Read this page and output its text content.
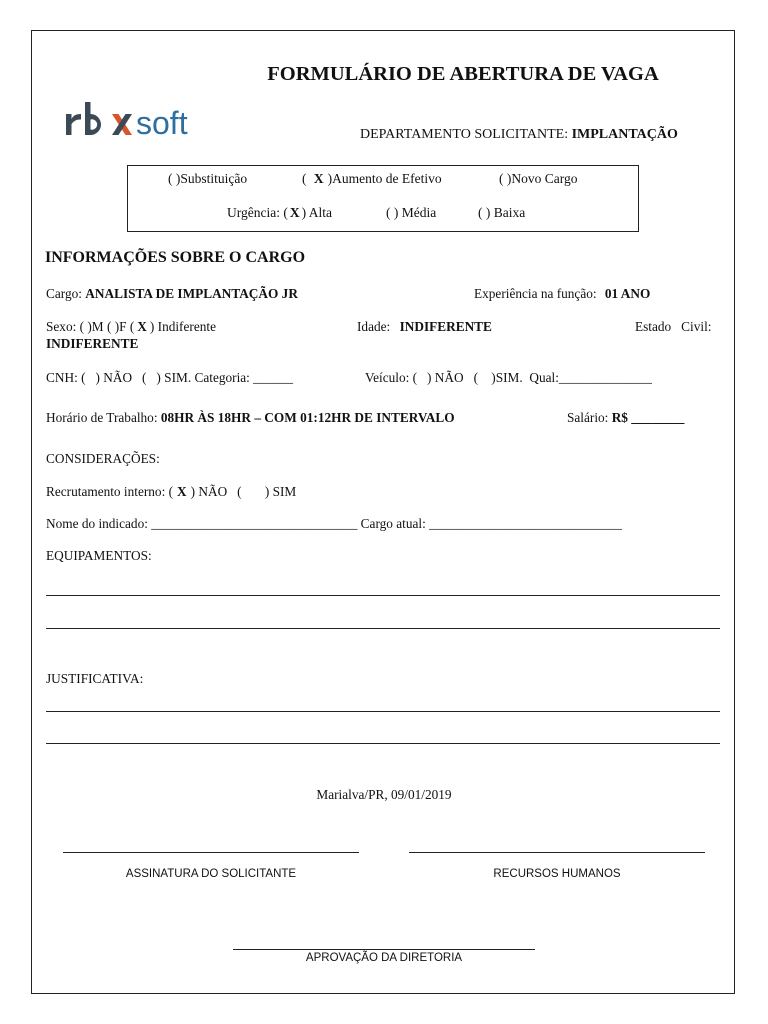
soft
FORMULÁRIO DE ABERTURA DE VAGA
DEPARTAMENTO SOLICITANTE: IMPLANTAÇÃO
( )Substituição	( X )Aumento de Efetivo	( )Novo Cargo
Urgência: ( X ) Alta	( ) Média	( ) Baixa
INFORMAÇÕES SOBRE O CARGO
Cargo: ANALISTA DE IMPLANTAÇÃO JR	Experiência na função: 01 ANO
Sexo: ( )M ( )F ( X ) Indiferente	Idade: INDIFERENTE	Estado   Civil:
INDIFERENTE
CNH: (   ) NÃO   (   ) SIM. Categoria: ______	Veículo: (   ) NÃO   (    )SIM.  Qual:______________
Horário de Trabalho: 08HR ÀS 18HR – COM 01:12HR DE INTERVALO	Salário: R$ ________
CONSIDERAÇÕES:
Recrutamento interno: ( X ) NÃO   (       ) SIM
Nome do indicado: _______________________________ Cargo atual: _____________________________
EQUIPAMENTOS:
JUSTIFICATIVA:
Marialva/PR, 09/01/2019
ASSINATURA DO SOLICITANTE	RECURSOS HUMANOS
APROVAÇÃO DA DIRETORIA
